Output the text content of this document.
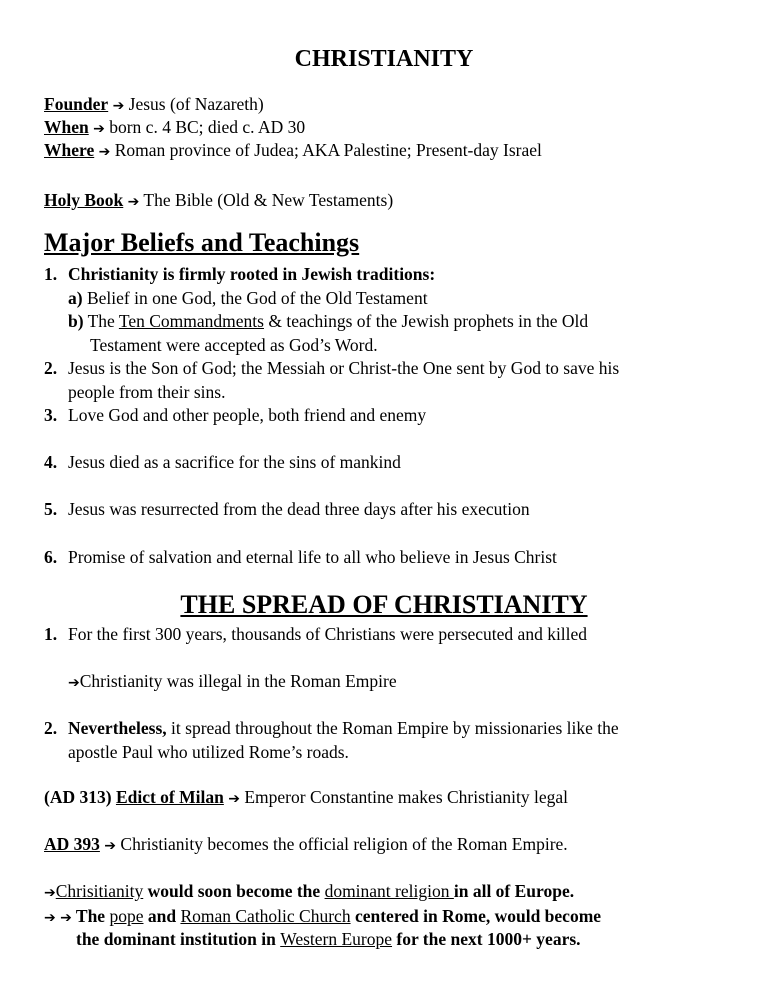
CHRISTIANITY
Founder ➔ Jesus (of Nazareth)
When ➔ born c. 4 BC; died c. AD 30
Where ➔ Roman province of Judea; AKA Palestine; Present-day Israel
Holy Book ➔ The Bible (Old & New Testaments)
Major Beliefs and Teachings
1. Christianity is firmly rooted in Jewish traditions:
a) Belief in one God, the God of the Old Testament
b) The Ten Commandments & teachings of the Jewish prophets in the Old
Testament were accepted as God’s Word.
2. Jesus is the Son of God; the Messiah or Christ-the One sent by God to save his
people from their sins.
3. Love God and other people, both friend and enemy
4. Jesus died as a sacrifice for the sins of mankind
5. Jesus was resurrected from the dead three days after his execution
6. Promise of salvation and eternal life to all who believe in Jesus Christ
THE SPREAD OF CHRISTIANITY
1. For the first 300 years, thousands of Christians were persecuted and killed
➔ Christianity was illegal in the Roman Empire
2. Nevertheless, it spread throughout the Roman Empire by missionaries like the
apostle Paul who utilized Rome’s roads.
(AD 313) Edict of Milan ➔ Emperor Constantine makes Christianity legal
AD 393 ➔ Christianity becomes the official religion of the Roman Empire.
➔ Chrisitianity would soon become the dominant religion in all of Europe.
➔ ➔ The pope and Roman Catholic Church centered in Rome, would become
the dominant institution in Western Europe for the next 1000+ years.
